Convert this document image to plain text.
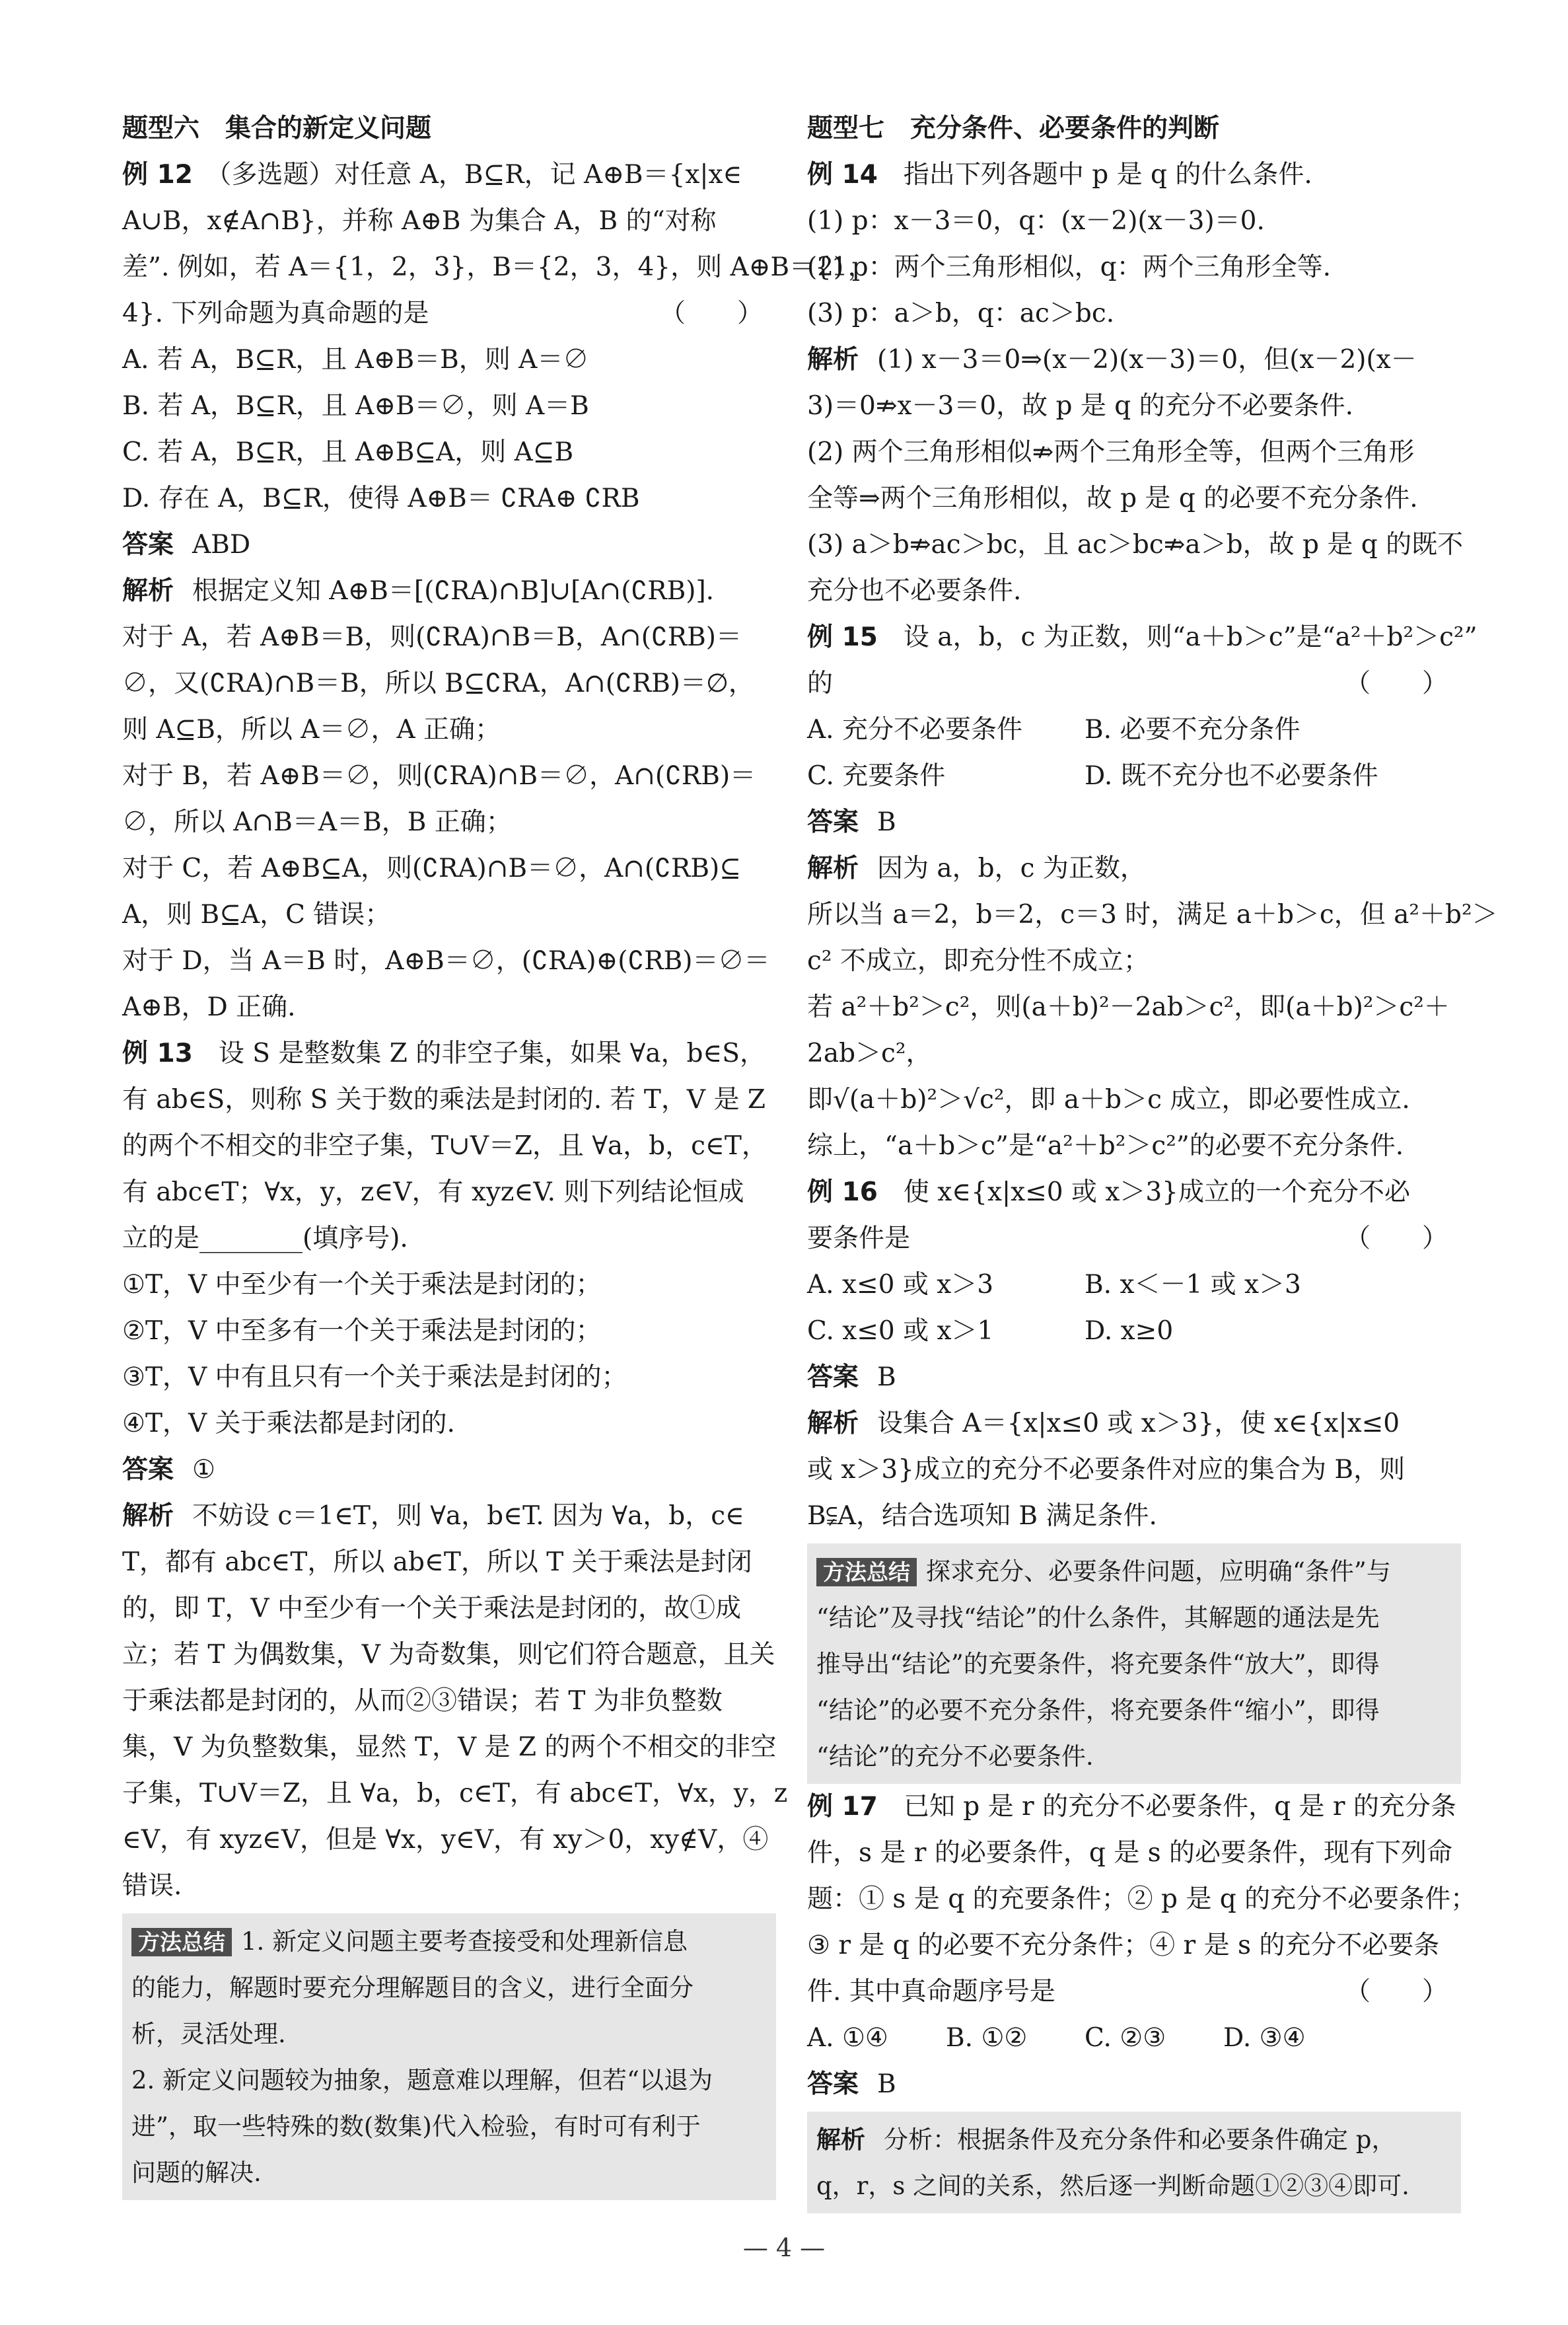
题型六　集合的新定义问题
例 12　 （多选题）对任意 A，B⊆R，记 A⊕B＝{x|x∈
A∪B，x∉A∩B}，并称 A⊕B 为集合 A，B 的“对称
差”. 例如，若 A＝{1，2，3}，B＝{2，3，4}，则 A⊕B＝{1，
4}. 下列命题为真命题的是	（　　）
A. 若 A，B⊆R，且 A⊕B＝B，则 A＝∅
B. 若 A，B⊆R，且 A⊕B＝∅，则 A＝B
C. 若 A，B⊆R，且 A⊕B⊆A，则 A⊆B
D. 存在 A，B⊆R，使得 A⊕B＝ ∁RA⊕ ∁RB
答案 ABD
解析 根据定义知 A⊕B＝[(∁RA)∩B]∪[A∩(∁RB)].
对于 A，若 A⊕B＝B，则(∁RA)∩B＝B，A∩(∁RB)＝
∅，又(∁RA)∩B＝B，所以 B⊆∁RA，A∩(∁RB)＝∅，
则 A⊆B，所以 A＝∅，A 正确；
对于 B，若 A⊕B＝∅，则(∁RA)∩B＝∅，A∩(∁RB)＝
∅，所以 A∩B＝A＝B，B 正确；
对于 C，若 A⊕B⊆A，则(∁RA)∩B＝∅，A∩(∁RB)⊆
A，则 B⊆A，C 错误；
对于 D，当 A＝B 时，A⊕B＝∅，(∁RA)⊕(∁RB)＝∅＝
A⊕B，D 正确.
例 13　 设 S 是整数集 Z 的非空子集，如果 ∀a，b∈S，
有 ab∈S，则称 S 关于数的乘法是封闭的. 若 T，V 是 Z
的两个不相交的非空子集，T∪V＝Z，且 ∀a，b，c∈T，
有 abc∈T；∀x，y，z∈V，有 xyz∈V. 则下列结论恒成
立的是________(填序号).
①T，V 中至少有一个关于乘法是封闭的；
②T，V 中至多有一个关于乘法是封闭的；
③T，V 中有且只有一个关于乘法是封闭的；
④T，V 关于乘法都是封闭的.
答案 ①
解析 不妨设 c＝1∈T，则 ∀a，b∈T. 因为 ∀a，b，c∈
T，都有 abc∈T，所以 ab∈T，所以 T 关于乘法是封闭
的，即 T，V 中至少有一个关于乘法是封闭的，故①成
立；若 T 为偶数集，V 为奇数集，则它们符合题意，且关
于乘法都是封闭的，从而②③错误；若 T 为非负整数
集，V 为负整数集，显然 T，V 是 Z 的两个不相交的非空
子集，T∪V＝Z，且 ∀a，b，c∈T，有 abc∈T，∀x，y，z
∈V，有 xyz∈V，但是 ∀x，y∈V，有 xy＞0，xy∉V，④
错误.
方法总结 1. 新定义问题主要考查接受和处理新信息
的能力，解题时要充分理解题目的含义，进行全面分
析，灵活处理.
2. 新定义问题较为抽象，题意难以理解，但若“以退为
进”，取一些特殊的数(数集)代入检验，有时可有利于
问题的解决.
题型七　充分条件、必要条件的判断
例 14　 指出下列各题中 p 是 q 的什么条件.
(1) p：x－3＝0，q：(x－2)(x－3)＝0.
(2) p：两个三角形相似，q：两个三角形全等.
(3) p：a＞b，q：ac＞bc.
解析 (1) x－3＝0⇒(x－2)(x－3)＝0，但(x－2)(x－
3)＝0⇏x－3＝0，故 p 是 q 的充分不必要条件.
(2) 两个三角形相似⇏两个三角形全等，但两个三角形
全等⇒两个三角形相似，故 p 是 q 的必要不充分条件.
(3) a＞b⇏ac＞bc，且 ac＞bc⇏a＞b，故 p 是 q 的既不
充分也不必要条件.
例 15　 设 a，b，c 为正数，则“a＋b＞c”是“a²＋b²＞c²”
的	（　　）
A. 充分不必要条件	B. 必要不充分条件
C. 充要条件	D. 既不充分也不必要条件
答案 B
解析 因为 a，b，c 为正数，
所以当 a＝2，b＝2，c＝3 时，满足 a＋b＞c，但 a²＋b²＞
c² 不成立，即充分性不成立；
若 a²＋b²＞c²，则(a＋b)²－2ab＞c²，即(a＋b)²＞c²＋
2ab＞c²，
即√(a＋b)²＞√c²，即 a＋b＞c 成立，即必要性成立.
综上，“a＋b＞c”是“a²＋b²＞c²”的必要不充分条件.
例 16　 使 x∈{x|x≤0 或 x＞3}成立的一个充分不必
要条件是	（　　）
A. x≤0 或 x＞3	B. x＜－1 或 x＞3
C. x≤0 或 x＞1	D. x≥0
答案 B
解析 设集合 A＝{x|x≤0 或 x＞3}，使 x∈{x|x≤0
或 x＞3}成立的充分不必要条件对应的集合为 B，则
B⫋A，结合选项知 B 满足条件.
方法总结 探求充分、必要条件问题，应明确“条件”与
“结论”及寻找“结论”的什么条件，其解题的通法是先
推导出“结论”的充要条件，将充要条件“放大”，即得
“结论”的必要不充分条件，将充要条件“缩小”，即得
“结论”的充分不必要条件.
例 17　 已知 p 是 r 的充分不必要条件，q 是 r 的充分条
件，s 是 r 的必要条件，q 是 s 的必要条件，现有下列命
题：① s 是 q 的充要条件；② p 是 q 的充分不必要条件；
③ r 是 q 的必要不充分条件；④ r 是 s 的充分不必要条
件. 其中真命题序号是	（　　）
A. ①④	B. ①②	C. ②③	D. ③④
答案 B
解析 分析：根据条件及充分条件和必要条件确定 p，
q，r，s 之间的关系，然后逐一判断命题①②③④即可.
— 4 —
